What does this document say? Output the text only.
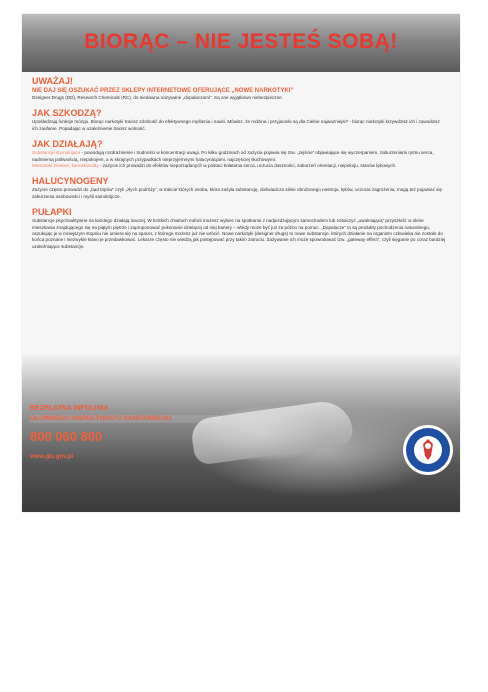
BIORĄC – NIE JESTEŚ SOBĄ!

UWAŻAJ!

NIE DAJ SIĘ OSZUKAĆ PRZEZ SKLEPY INTERNETOWE OFERUJĄCE „NOWE NARKOTYKI”

Designer Drugs (DD), Research Chemicals (RC), do niedawna nazywane „dopalaczami”. Są one wyjątkowo niebezpieczne.

JAK SZKODZĄ?

Upośledzają funkcje mózgu. Biorąc narkotyki tracisz zdolność do efektywnego myślenia i nauki. Mówisz, że rodzina i przyjaciele są dla Ciebie najważniejsi? - biorąc narkotyki krzywdzisz ich i zawodzisz ich zaufanie. Popadając w uzależnienie tracisz wolność.

JAK DZIAŁAJĄ?

Substancje stymulujące - powodują rozdrażnienie i trudności w koncentracji uwagi. Po kilku godzinach od zażycia pojawia się tzw. „zejście” objawiające się wyczerpaniem, zaburzeniami rytmu serca, nadmierną potliwością, niepokojem, a w skrajnych przypadkach nieprzyjemnymi halucynacjami, najczęściej słuchowymi.

Mieszanki ziołowe, kannabinoidy - zażycie ich prowadzi do efektów nieporządanych w postaci kołatania serca, uczucia duszności, zaburzeń orientacji, niepokoju, stanów lękowych.

HALUCYNOGENY

Zażycie często prowadzi do „bad tripów” czyli „złych podróży”, w trakcie których osoba, która zażyła substancję, doświadcza silnie obniżonego nastroju, lęków, uczucia zagrożenia, mogą też pojawiać się zaburzenia osobowości i myśli samobójcze.

PUŁAPKI

Substancje psychoaktywne na każdego działają inaczej. W krótkich chwilach euforii możesz wybiec na spotkanie z nadjeżdżającym samochodem lub zobaczyć „uwalniającą” przyszłość w oknie mieszkania znajdującego się na piątym piętrze i zaproponować pokonanie dzielącej od niej bariery – wtedy może być już za późno na pomoc. „Dopalacze” to są produkty pochodzenia naturalnego, oszukując je w mniejszym stopniu nie umiera się na spacer, z którego możesz już nie wrócić. Nowe narkotyki (designer drugs) to nowe substancje, których działanie na organizm człowieka nie zostało do końca poznane i niezwykle łatwo je przedawkować. Lekarze często nie wiedzą jak postępować przy takim zatruciu. Zażywanie ich może spowodować tzw. „gateway effect”, czyli sięganie po coraz bardziej uzależniające substancje.

BEZPŁATNA INFOLINIA
GŁÓWNEGO INSPEKTORATU SANITARNEGO
800 060 800
www.gis.gov.pl
